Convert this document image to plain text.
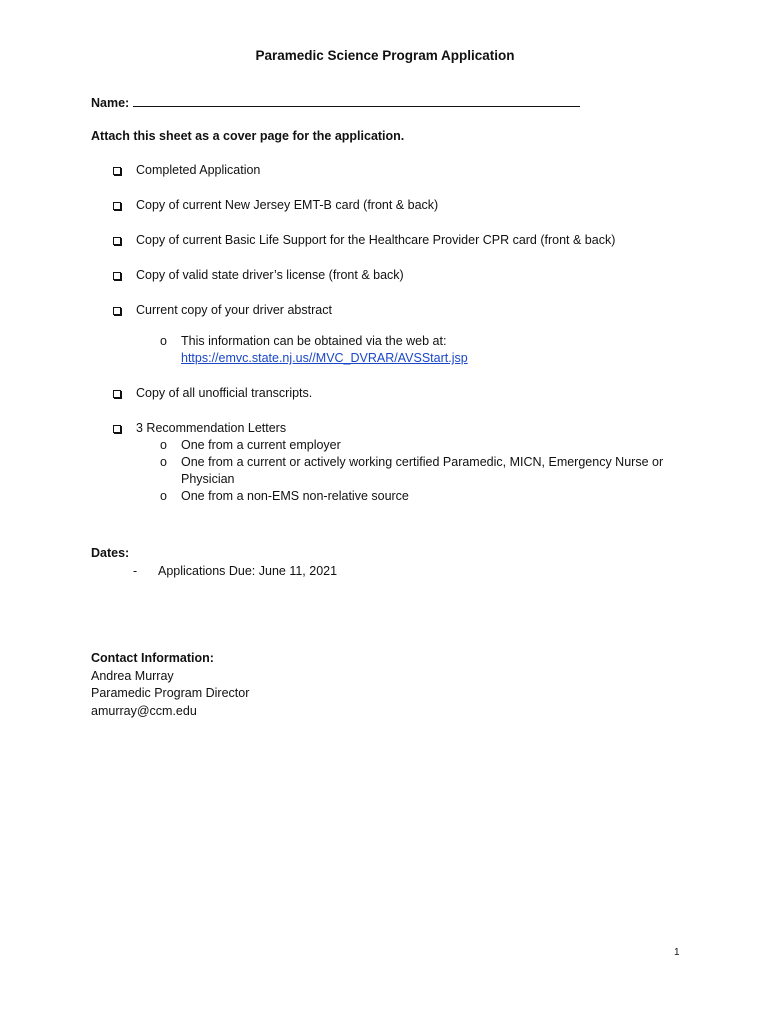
Paramedic Science Program Application
Name:
Attach this sheet as a cover page for the application.
Completed Application
Copy of current New Jersey EMT-B card (front & back)
Copy of current Basic Life Support for the Healthcare Provider CPR card (front & back)
Copy of valid state driver’s license (front & back)
Current copy of your driver abstract
o This information can be obtained via the web at:
https://emvc.state.nj.us//MVC_DVRAR/AVSStart.jsp
Copy of all unofficial transcripts.
3 Recommendation Letters
o One from a current employer
o One from a current or actively working certified Paramedic, MICN, Emergency Nurse or Physician
o One from a non-EMS non-relative source
Dates:
- Applications Due: June 11, 2021
Contact Information:
Andrea Murray
Paramedic Program Director
amurray@ccm.edu
1
